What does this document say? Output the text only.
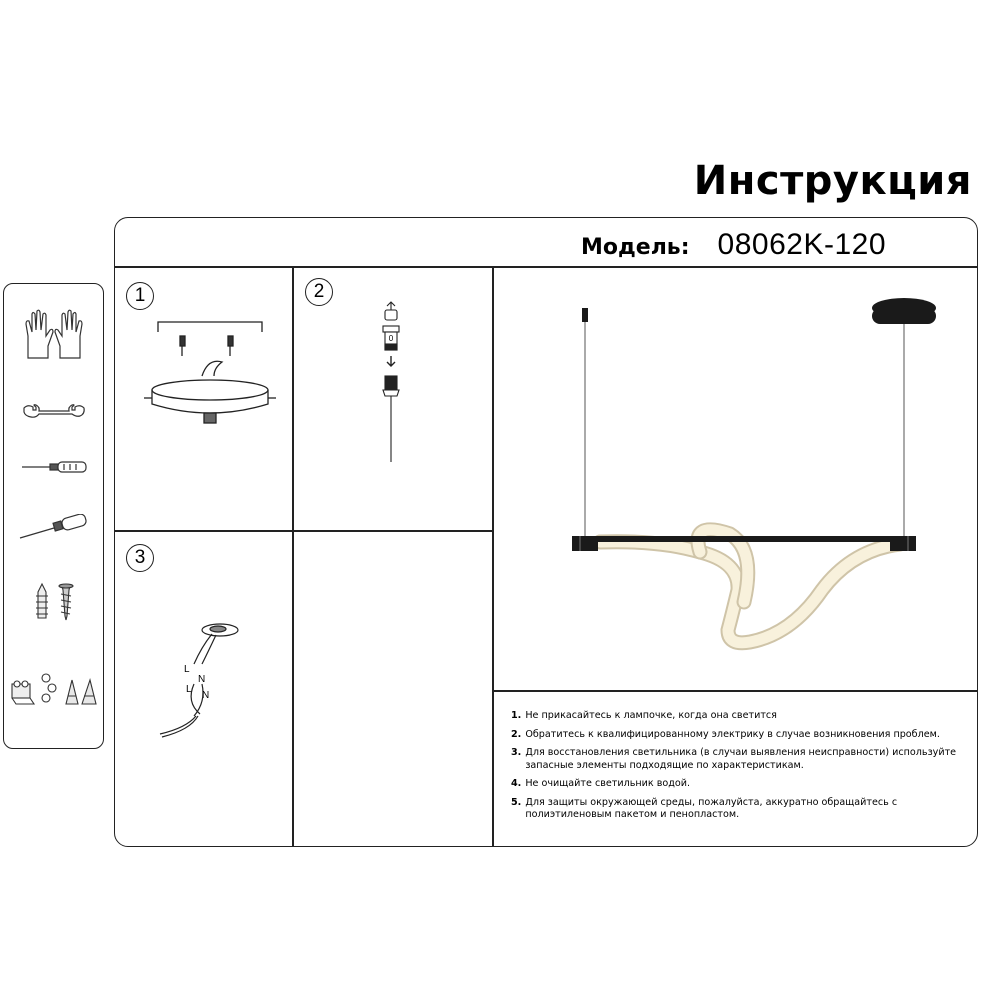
Инструкция
Модель: 08062K-120
1	2
3
0
L
N
L
N
1. Не прикасайтесь к лампочке, когда она светится
2. Обратитесь к квалифицированному электрику в случае возникновения проблем.
3. Для восстановления светильника (в случаи выявления неисправности) используйте запасные элементы подходящие по характеристикам.
4. Не очищайте светильник водой.
5. Для защиты окружающей среды, пожалуйста, аккуратно обращайтесь с полиэтиленовым пакетом и пенопластом.
